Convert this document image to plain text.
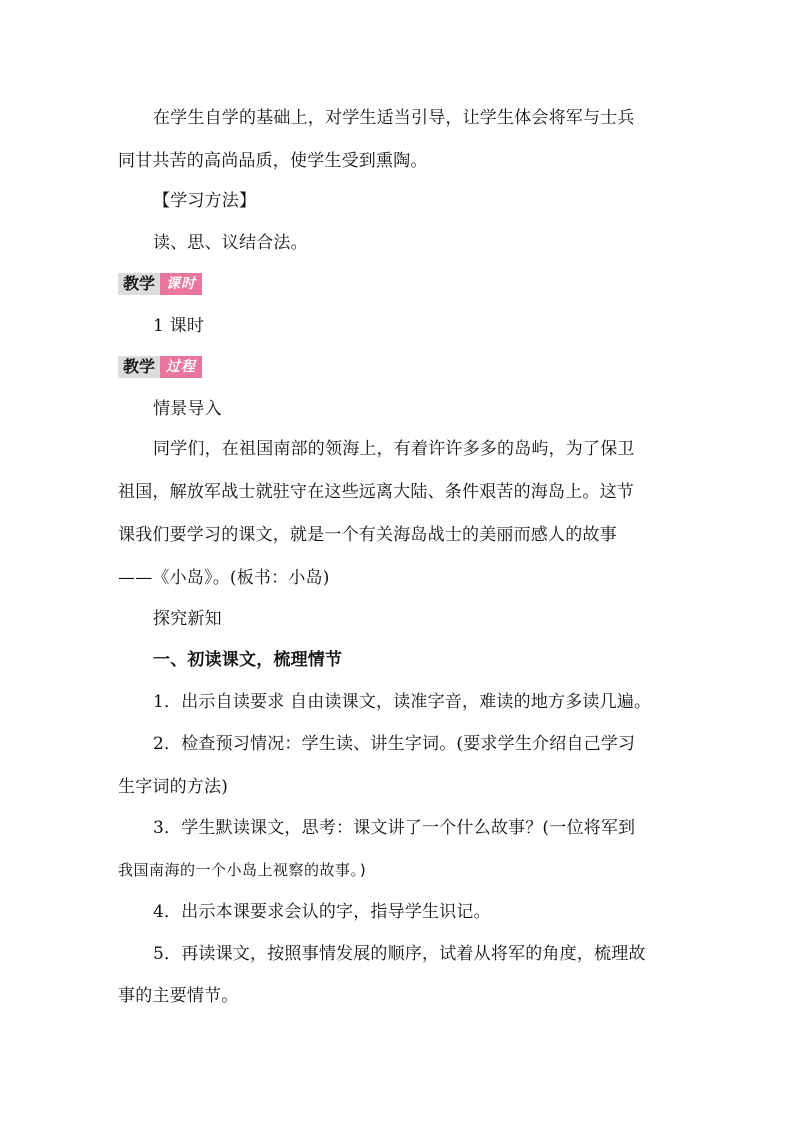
在学生自学的基础上，对学生适当引导，让学生体会将军与士兵
同甘共苦的高尚品质，使学生受到熏陶。
【学习方法】
读、思、议结合法。
教学 课时
1 课时
教学 过程
情景导入
同学们，在祖国南部的领海上，有着许许多多的岛屿，为了保卫
祖国，解放军战士就驻守在这些远离大陆、条件艰苦的海岛上。这节
课我们要学习的课文，就是一个有关海岛战士的美丽而感人的故事
——《小岛》。(板书：小岛)
探究新知
一、初读课文，梳理情节
1．出示自读要求 自由读课文，读准字音，难读的地方多读几遍。
2．检查预习情况：学生读、讲生字词。(要求学生介绍自己学习
生字词的方法)
3．学生默读课文，思考：课文讲了一个什么故事？(一位将军到
我国南海的一个小岛上视察的故事。)
4．出示本课要求会认的字，指导学生识记。
5．再读课文，按照事情发展的顺序，试着从将军的角度，梳理故
事的主要情节。
